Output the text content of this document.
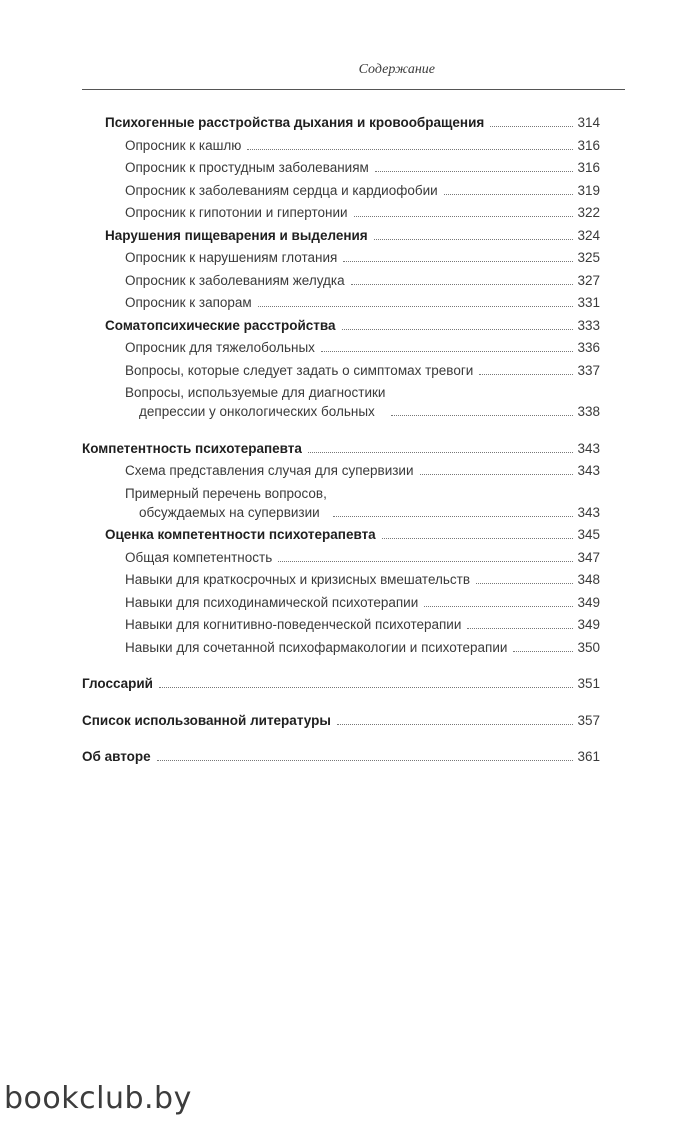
Содержание
Психогенные расстройства дыхания и кровообращения	314
Опросник к кашлю	316
Опросник к простудным заболеваниям	316
Опросник к заболеваниям сердца и кардиофобии	319
Опросник к гипотонии и гипертонии	322
Нарушения пищеварения и выделения	324
Опросник к нарушениям глотания	325
Опросник к заболеваниям желудка	327
Опросник к запорам	331
Соматопсихические расстройства	333
Опросник для тяжелобольных	336
Вопросы, которые следует задать о симптомах тревоги	337
Вопросы, используемые для диагностики
депрессии у онкологических больных	338
Компетентность психотерапевта	343
Схема представления случая для супервизии	343
Примерный перечень вопросов,
обсуждаемых на супервизии	343
Оценка компетентности психотерапевта	345
Общая компетентность	347
Навыки для краткосрочных и кризисных вмешательств	348
Навыки для психодинамической психотерапии	349
Навыки для когнитивно-поведенческой психотерапии	349
Навыки для сочетанной психофармакологии и психотерапии	350
Глоссарий	351
Список использованной литературы	357
Об авторе	361
bookclub.by
